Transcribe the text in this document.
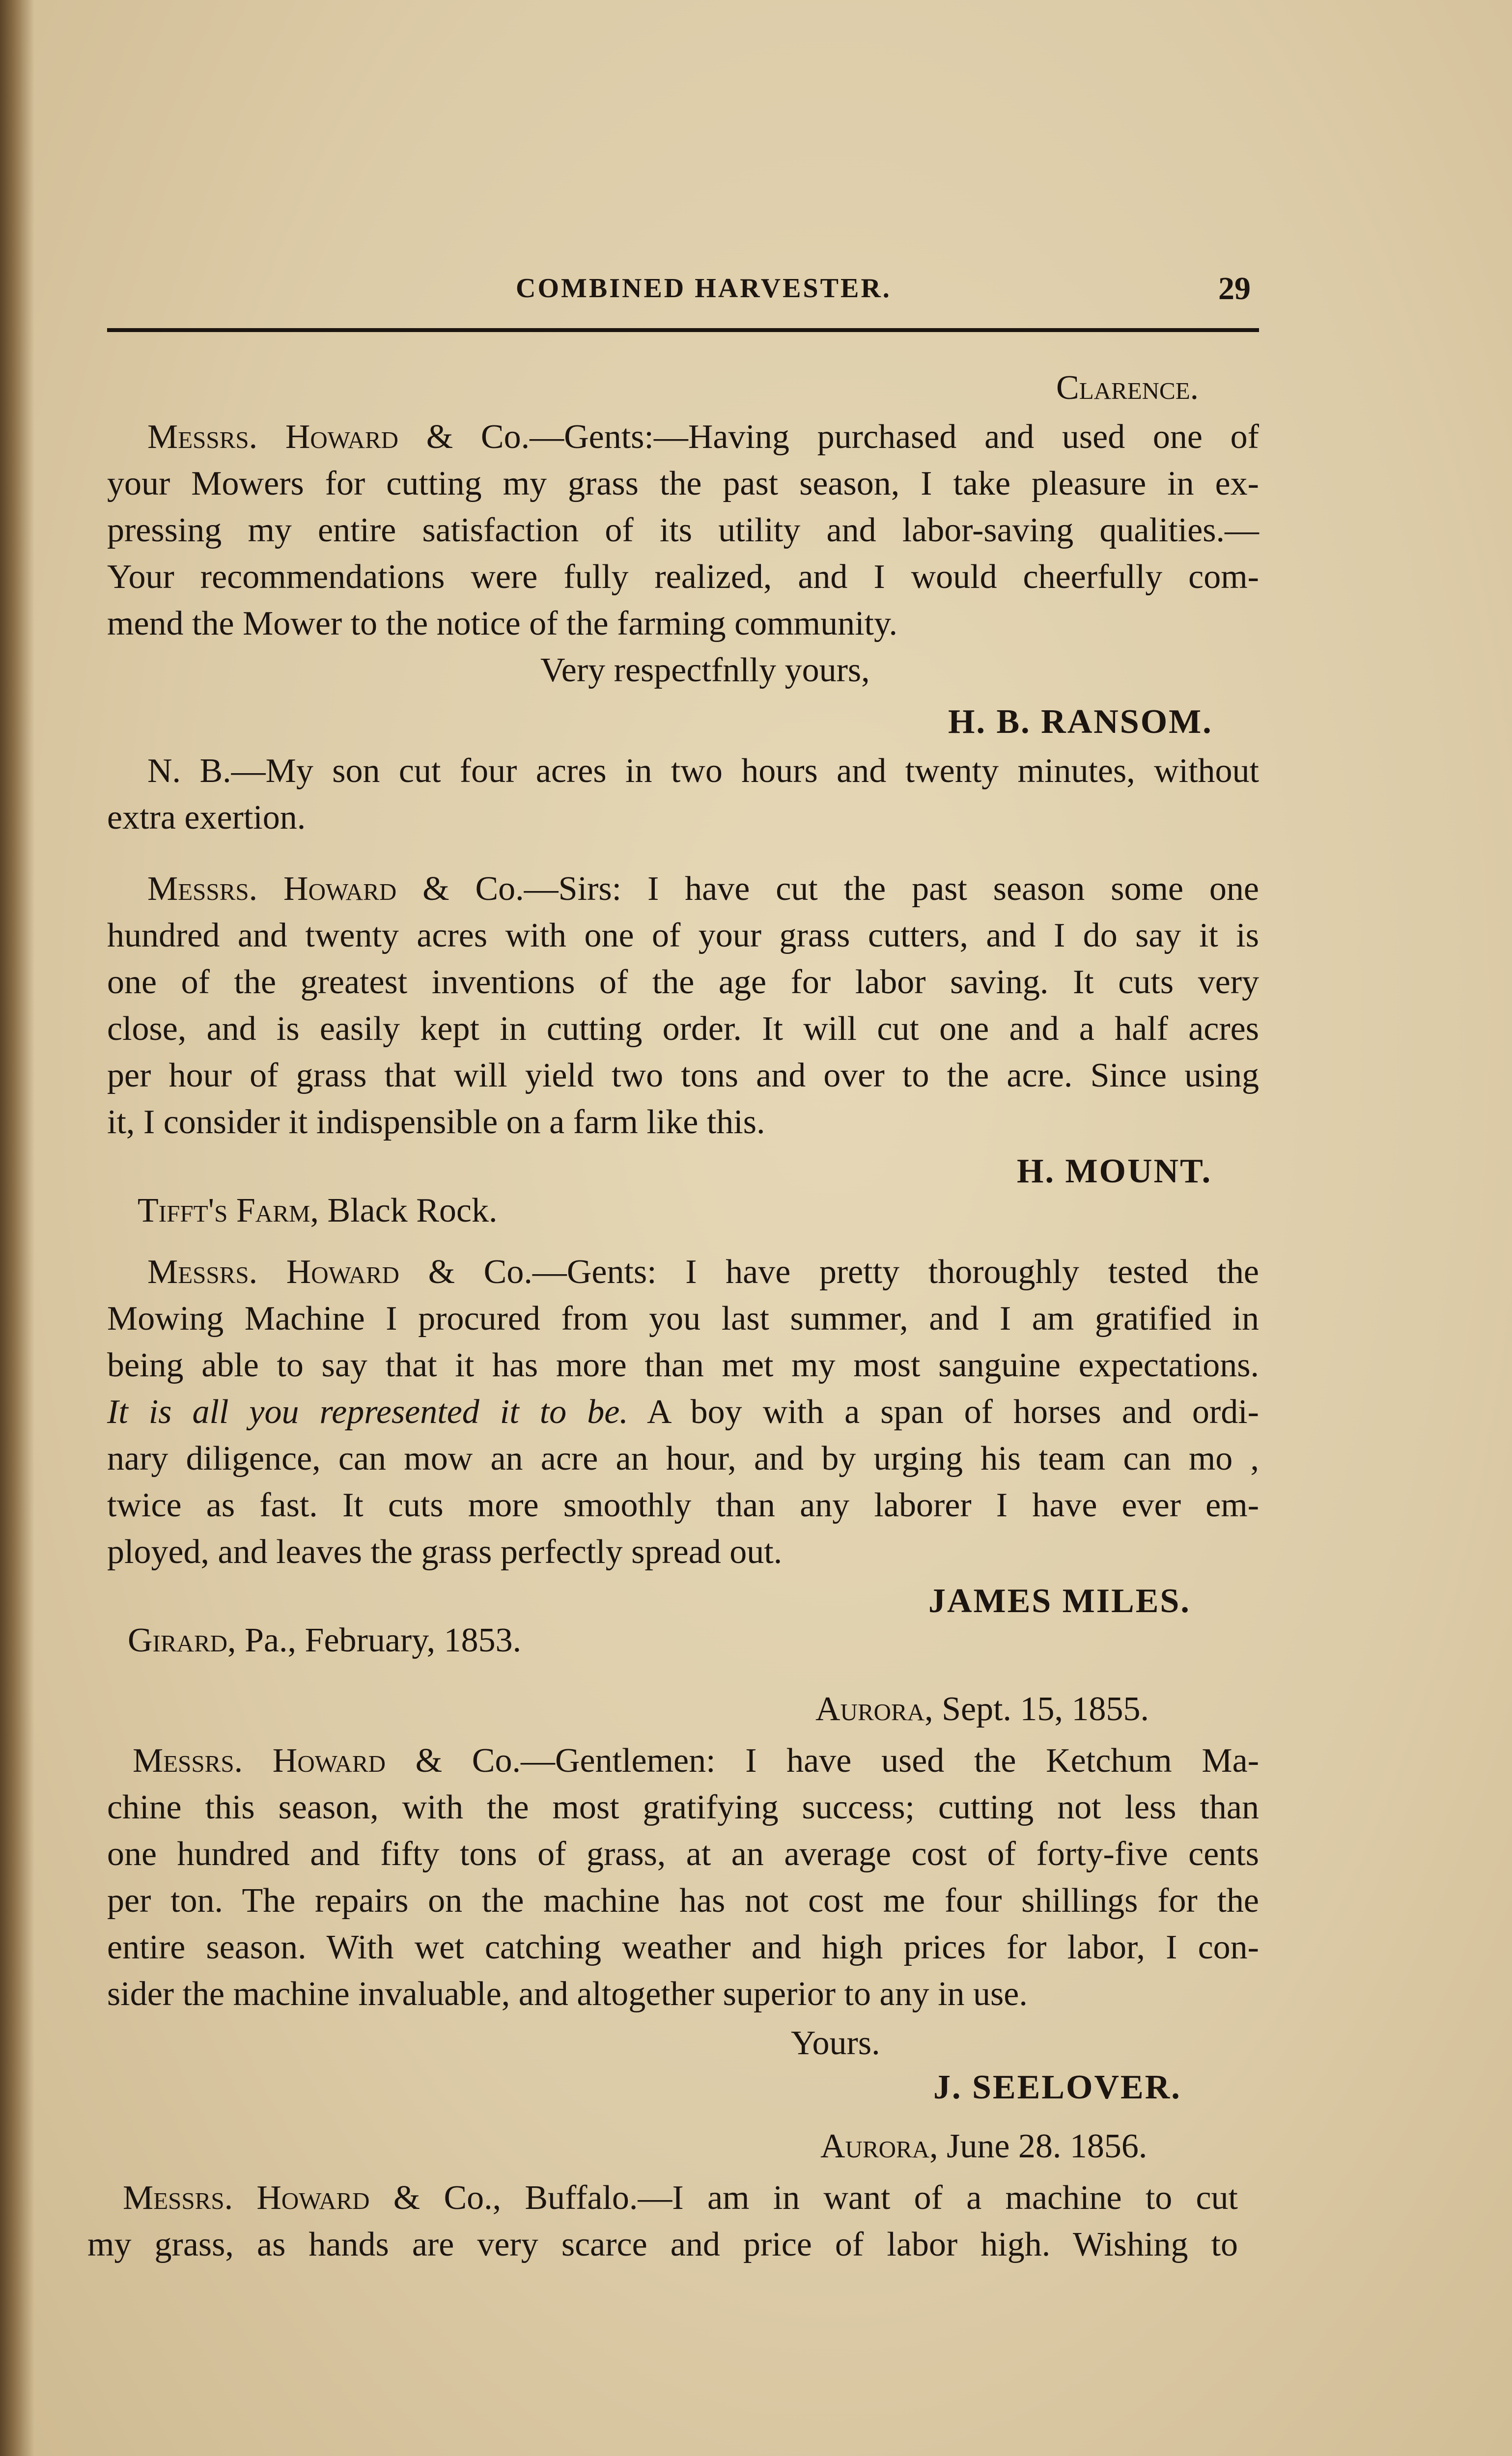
COMBINED HARVESTER.	29
Clarence.
Messrs. Howard & Co.—Gents:—Having purchased and used one of
your Mowers for cutting my grass the past season, I take pleasure in ex-
pressing my entire satisfaction of its utility and labor-saving qualities.—
Your recommendations were fully realized, and I would cheerfully com-
mend the Mower to the notice of the farming community.
Very respectfnlly yours,
H. B. RANSOM.
N. B.—My son cut four acres in two hours and twenty minutes, without
extra exertion.
Messrs. Howard & Co.—Sirs: I have cut the past season some one
hundred and twenty acres with one of your grass cutters, and I do say it is
one of the greatest inventions of the age for labor saving. It cuts very
close, and is easily kept in cutting order. It will cut one and a half acres
per hour of grass that will yield two tons and over to the acre. Since using
it, I consider it indispensible on a farm like this.
H. MOUNT.
Tifft's Farm, Black Rock.
Messrs. Howard & Co.—Gents: I have pretty thoroughly tested the
Mowing Machine I procured from you last summer, and I am gratified in
being able to say that it has more than met my most sanguine expectations.
It is all you represented it to be. A boy with a span of horses and ordi-
nary diligence, can mow an acre an hour, and by urging his team can mo ,
twice as fast. It cuts more smoothly than any laborer I have ever em-
ployed, and leaves the grass perfectly spread out.
JAMES MILES.
Girard, Pa., February, 1853.
Aurora, Sept. 15, 1855.
Messrs. Howard & Co.—Gentlemen: I have used the Ketchum Ma-
chine this season, with the most gratifying success; cutting not less than
one hundred and fifty tons of grass, at an average cost of forty-five cents
per ton. The repairs on the machine has not cost me four shillings for the
entire season. With wet catching weather and high prices for labor, I con-
sider the machine invaluable, and altogether superior to any in use.
Yours.
J. SEELOVER.
Aurora, June 28. 1856.
Messrs. Howard & Co., Buffalo.—I am in want of a machine to cut
my grass, as hands are very scarce and price of labor high. Wishing to
